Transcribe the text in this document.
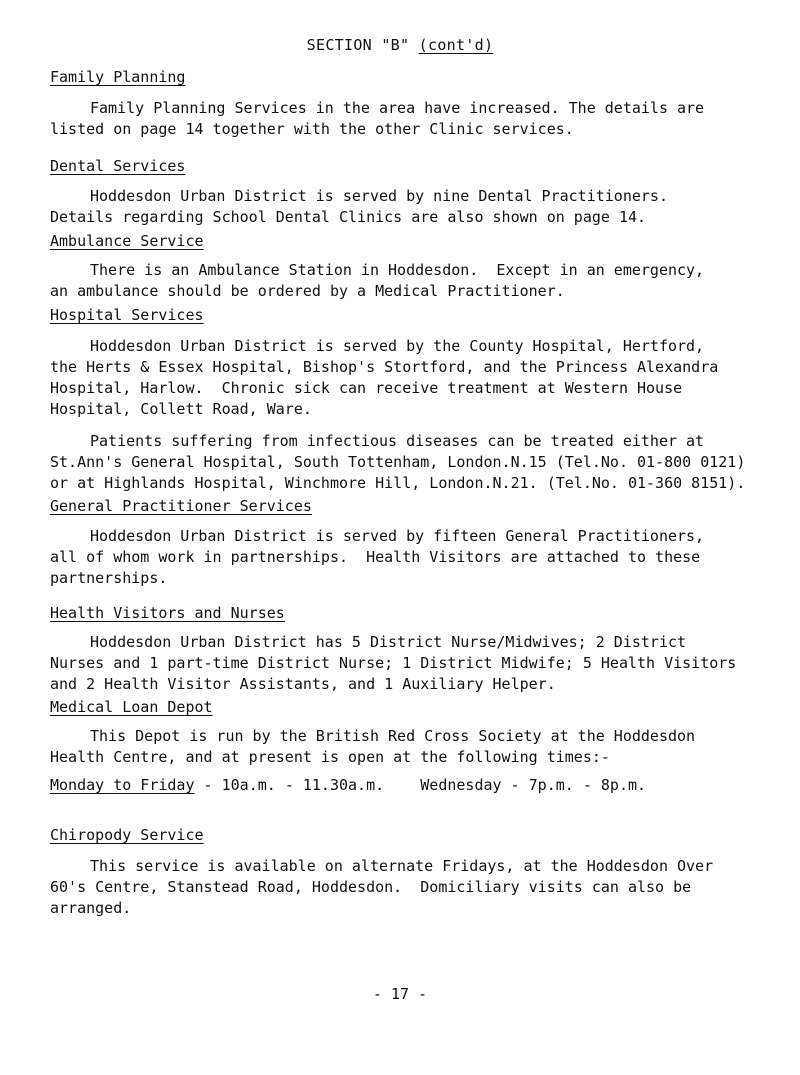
SECTION "B" (cont'd)
Family Planning
Family Planning Services in the area have increased. The details are
listed on page 14 together with the other Clinic services.
Dental Services
Hoddesdon Urban District is served by nine Dental Practitioners.
Details regarding School Dental Clinics are also shown on page 14.
Ambulance Service
There is an Ambulance Station in Hoddesdon.  Except in an emergency,
an ambulance should be ordered by a Medical Practitioner.
Hospital Services
Hoddesdon Urban District is served by the County Hospital, Hertford,
the Herts & Essex Hospital, Bishop's Stortford, and the Princess Alexandra
Hospital, Harlow.  Chronic sick can receive treatment at Western House
Hospital, Collett Road, Ware.
Patients suffering from infectious diseases can be treated either at
St.Ann's General Hospital, South Tottenham, London.N.15 (Tel.No. 01-800 0121)
or at Highlands Hospital, Winchmore Hill, London.N.21. (Tel.No. 01-360 8151).
General Practitioner Services
Hoddesdon Urban District is served by fifteen General Practitioners,
all of whom work in partnerships.  Health Visitors are attached to these
partnerships.
Health Visitors and Nurses
Hoddesdon Urban District has 5 District Nurse/Midwives; 2 District
Nurses and 1 part-time District Nurse; 1 District Midwife; 5 Health Visitors
and 2 Health Visitor Assistants, and 1 Auxiliary Helper.
Medical Loan Depot
This Depot is run by the British Red Cross Society at the Hoddesdon
Health Centre, and at present is open at the following times:-
Monday to Friday - 10a.m. - 11.30a.m.    Wednesday - 7p.m. - 8p.m.
Chiropody Service
This service is available on alternate Fridays, at the Hoddesdon Over
60's Centre, Stanstead Road, Hoddesdon.  Domiciliary visits can also be
arranged.
- 17 -
